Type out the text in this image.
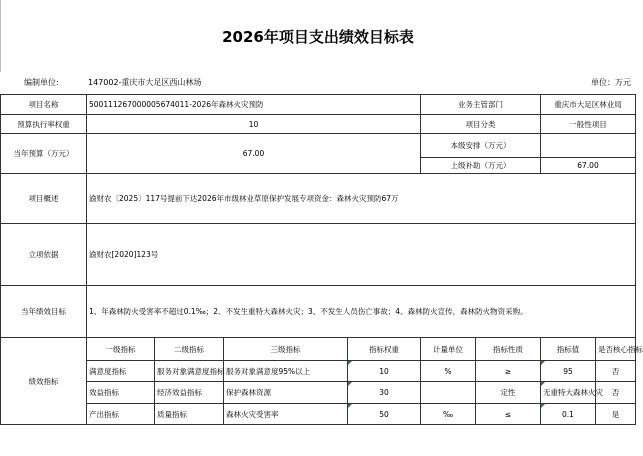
2026年项目支出绩效目标表
编制单位:	147002-重庆市大足区西山林场	单位：万元
项目名称	500111267000005674011-2026年森林火灾预防				业务主管部门		重庆市大足区林业局	
预算执行率权重	10				项目分类		一般性项目	
当年预算（万元）	67.00				本级安排（万元）			
					上级补助（万元）		67.00	
项目概述	渝财农〔2025〕117号提前下达2026年市级林业草原保护发展专项资金：森林火灾预防67万							
立项依据	渝财农[2020]123号							
当年绩效目标	1、年森林防火受害率不超过0.1‰；2、不发生重特大森林火灾；3、不发生人员伤亡事故；4、森林防火宣传，森林防火物资采购。							
绩效指标	一级指标	二级指标	三级指标	指标权重	计量单位	指标性质	指标值	是否核心指标
	满意度指标	服务对象满意度指标	服务对象满意度95%以上	10	%	≥	95	否
	效益指标	经济效益指标	保护森林资源	30		定性	无重特大森林火灾	否
	产出指标	质量指标	森林火灾受害率	50	‰	≤	0.1	是
